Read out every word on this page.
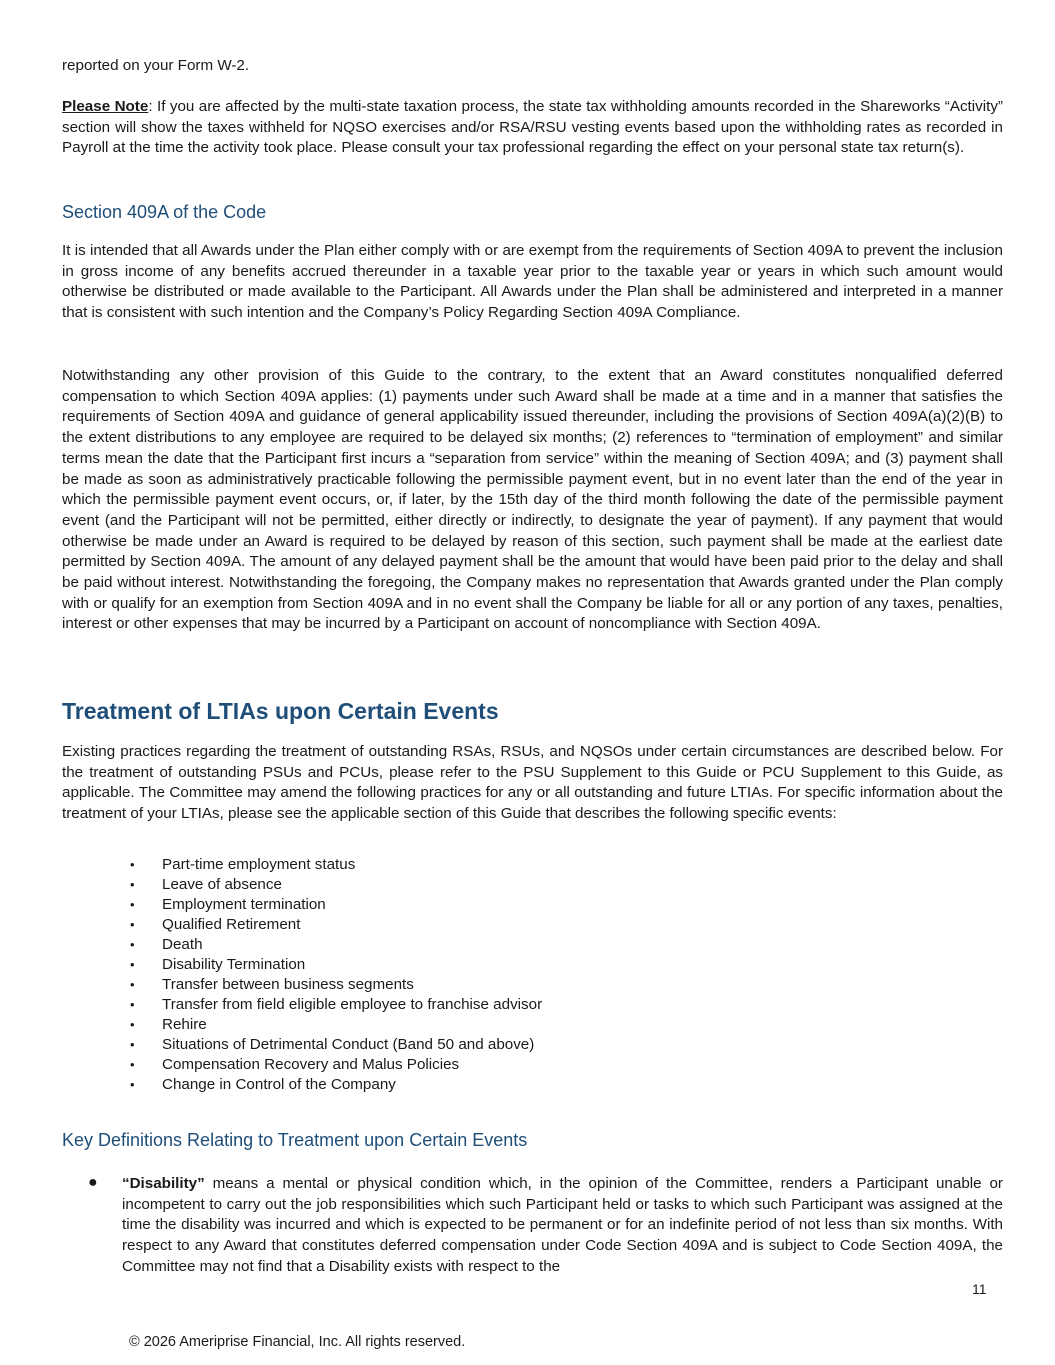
reported on your Form W-2.

Please Note: If you are affected by the multi-state taxation process, the state tax withholding amounts recorded in the Shareworks “Activity” section will show the taxes withheld for NQSO exercises and/or RSA/RSU vesting events based upon the withholding rates as recorded in Payroll at the time the activity took place. Please consult your tax professional regarding the effect on your personal state tax return(s).

Section 409A of the Code

It is intended that all Awards under the Plan either comply with or are exempt from the requirements of Section 409A to prevent the inclusion in gross income of any benefits accrued thereunder in a taxable year prior to the taxable year or years in which such amount would otherwise be distributed or made available to the Participant. All Awards under the Plan shall be administered and interpreted in a manner that is consistent with such intention and the Company’s Policy Regarding Section 409A Compliance.

Notwithstanding any other provision of this Guide to the contrary, to the extent that an Award constitutes nonqualified deferred compensation to which Section 409A applies: (1) payments under such Award shall be made at a time and in a manner that satisfies the requirements of Section 409A and guidance of general applicability issued thereunder, including the provisions of Section 409A(a)(2)(B) to the extent distributions to any employee are required to be delayed six months; (2) references to “termination of employment” and similar terms mean the date that the Participant first incurs a “separation from service” within the meaning of Section 409A; and (3) payment shall be made as soon as administratively practicable following the permissible payment event, but in no event later than the end of the year in which the permissible payment event occurs, or, if later, by the 15th day of the third month following the date of the permissible payment event (and the Participant will not be permitted, either directly or indirectly, to designate the year of payment). If any payment that would otherwise be made under an Award is required to be delayed by reason of this section, such payment shall be made at the earliest date permitted by Section 409A. The amount of any delayed payment shall be the amount that would have been paid prior to the delay and shall be paid without interest. Notwithstanding the foregoing, the Company makes no representation that Awards granted under the Plan comply with or qualify for an exemption from Section 409A and in no event shall the Company be liable for all or any portion of any taxes, penalties, interest or other expenses that may be incurred by a Participant on account of noncompliance with Section 409A.

Treatment of LTIAs upon Certain Events

Existing practices regarding the treatment of outstanding RSAs, RSUs, and NQSOs under certain circumstances are described below. For the treatment of outstanding PSUs and PCUs, please refer to the PSU Supplement to this Guide or PCU Supplement to this Guide, as applicable. The Committee may amend the following practices for any or all outstanding and future LTIAs. For specific information about the treatment of your LTIAs, please see the applicable section of this Guide that describes the following specific events:

• Part-time employment status
• Leave of absence
• Employment termination
• Qualified Retirement
• Death
• Disability Termination
• Transfer between business segments
• Transfer from field eligible employee to franchise advisor
• Rehire
• Situations of Detrimental Conduct (Band 50 and above)
• Compensation Recovery and Malus Policies
• Change in Control of the Company
Key Definitions Relating to Treatment upon Certain Events
● “Disability” means a mental or physical condition which, in the opinion of the Committee, renders a Participant unable or incompetent to carry out the job responsibilities which such Participant held or tasks to which such Participant was assigned at the time the disability was incurred and which is expected to be permanent or for an indefinite period of not less than six months. With respect to any Award that constitutes deferred compensation under Code Section 409A and is subject to Code Section 409A, the Committee may not find that a Disability exists with respect to the

11
© 2026 Ameriprise Financial, Inc. All rights reserved.
